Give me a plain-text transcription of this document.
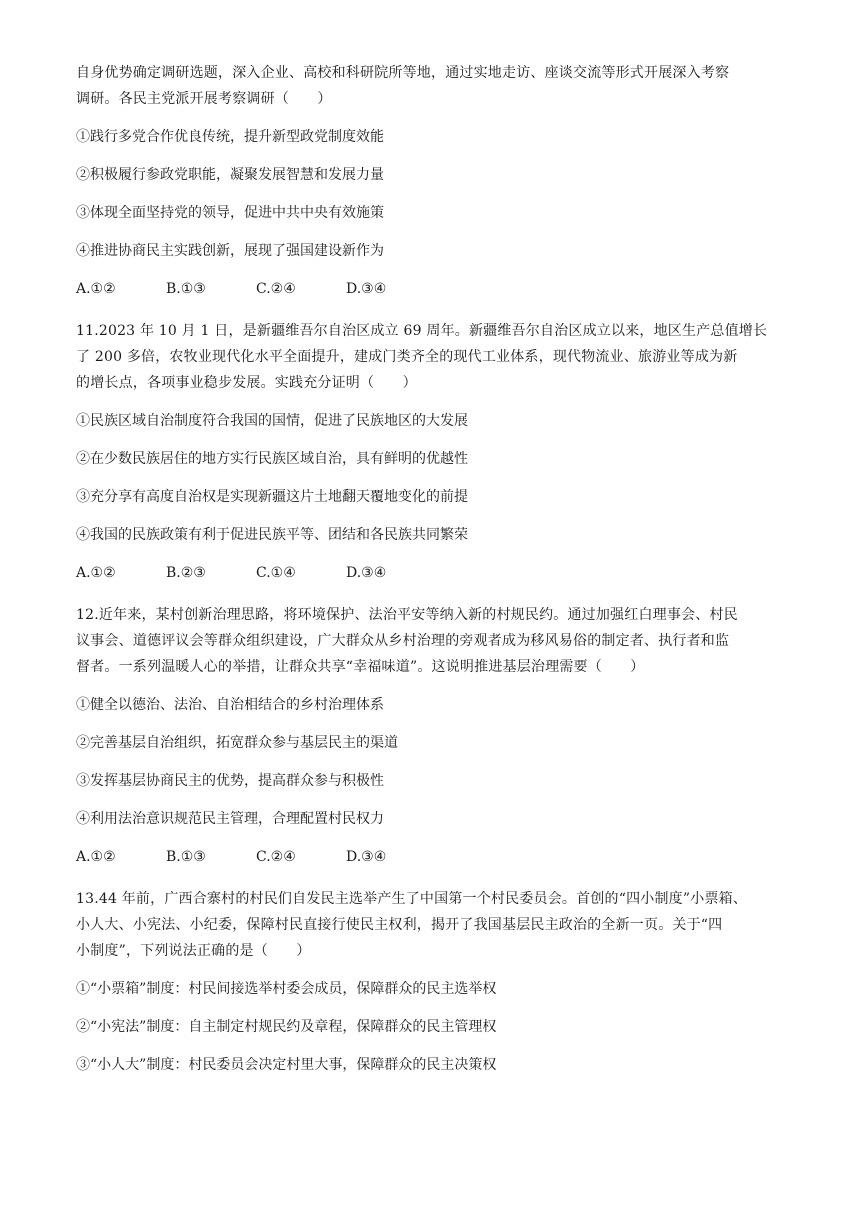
自身优势确定调研选题，深入企业、高校和科研院所等地，通过实地走访、座谈交流等形式开展深入考察

调研。各民主党派开展考察调研（　　）

①践行多党合作优良传统，提升新型政党制度效能

②积极履行参政党职能，凝聚发展智慧和发展力量

③体现全面坚持党的领导，促进中共中央有效施策

④推进协商民主实践创新，展现了强国建设新作为

A.①②	B.①③	C.②④	D.③④

11.2023 年 10 月 1 日，是新疆维吾尔自治区成立 69 周年。新疆维吾尔自治区成立以来，地区生产总值增长

了 200 多倍，农牧业现代化水平全面提升，建成门类齐全的现代工业体系，现代物流业、旅游业等成为新

的增长点，各项事业稳步发展。实践充分证明（　　）

①民族区域自治制度符合我国的国情，促进了民族地区的大发展

②在少数民族居住的地方实行民族区域自治，具有鲜明的优越性

③充分享有高度自治权是实现新疆这片土地翻天覆地变化的前提

④我国的民族政策有利于促进民族平等、团结和各民族共同繁荣

A.①②	B.②③	C.①④	D.③④

12.近年来，某村创新治理思路，将环境保护、法治平安等纳入新的村规民约。通过加强红白理事会、村民

议事会、道德评议会等群众组织建设，广大群众从乡村治理的旁观者成为移风易俗的制定者、执行者和监

督者。一系列温暖人心的举措，让群众共享“幸福味道”。这说明推进基层治理需要（　　）

①健全以德治、法治、自治相结合的乡村治理体系

②完善基层自治组织，拓宽群众参与基层民主的渠道

③发挥基层协商民主的优势，提高群众参与积极性

④利用法治意识规范民主管理，合理配置村民权力

A.①②	B.①③	C.②④	D.③④

13.44 年前，广西合寨村的村民们自发民主选举产生了中国第一个村民委员会。首创的“四小制度”小票箱、

小人大、小宪法、小纪委，保障村民直接行使民主权利，揭开了我国基层民主政治的全新一页。关于“四

小制度”，下列说法正确的是（　　）

①“小票箱”制度：村民间接选举村委会成员，保障群众的民主选举权

②“小宪法”制度：自主制定村规民约及章程，保障群众的民主管理权

③“小人大”制度：村民委员会决定村里大事，保障群众的民主决策权
